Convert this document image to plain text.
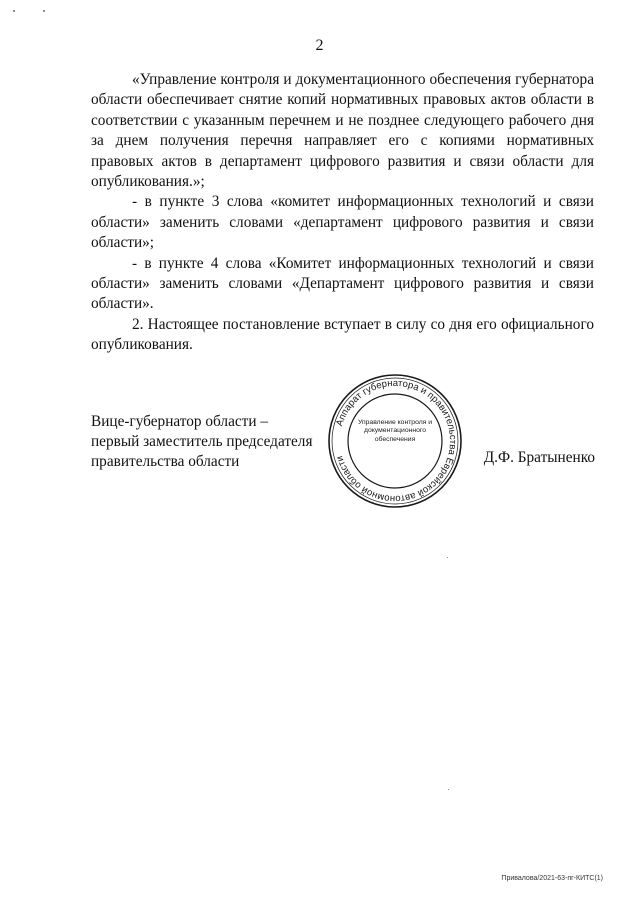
2

«Управление контроля и документационного обеспечения губернатора области обеспечивает снятие копий нормативных правовых актов области в соответствии с указанным перечнем и не позднее следующего рабочего дня за днем получения перечня направляет его с копиями нормативных правовых актов в департамент цифрового развития и связи области для опубликования.»;

- в пункте 3 слова «комитет информационных технологий и связи области» заменить словами «департамент цифрового развития и связи области»;

- в пункте 4 слова «Комитет информационных технологий и связи области» заменить словами «Департамент цифрового развития и связи области».

2. Настоящее постановление вступает в силу со дня его официального опубликования.

Вице-губернатор области –
первый заместитель председателя
правительства области
Аппарат губернатора и правительства Еврейской автономной области
Управление контроля и документационного обеспечения
Д.Ф. Братыненко
Привалова/2021-63-пг-КИТС(1)
